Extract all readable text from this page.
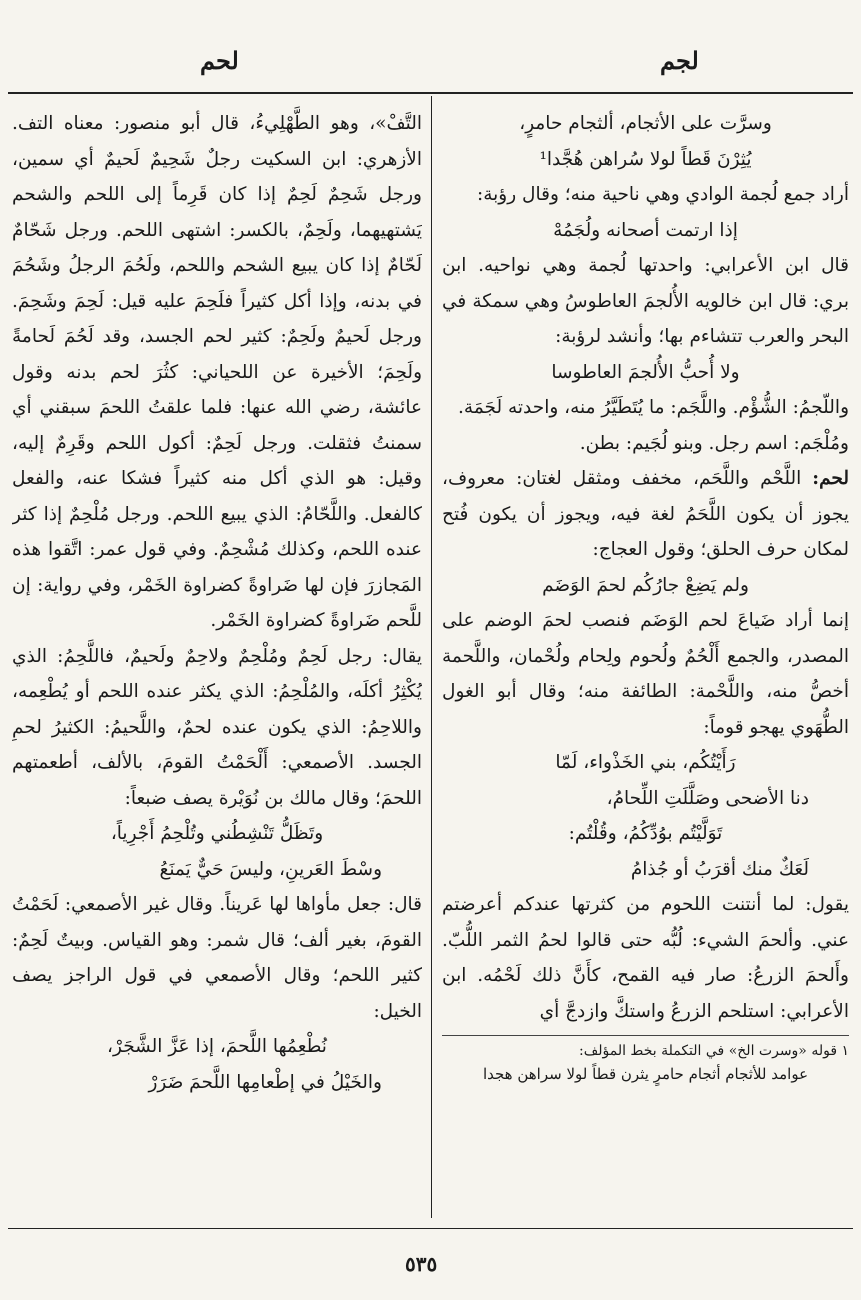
لجم
لحم

وسرَّت على الأثجام، ألثجام حامرٍ،

يُثِرْنَ قَطاً لولا سُراهن هُجَّدا¹

أراد جمع لُجمة الوادي وهي ناحية منه؛ وقال رؤبة:

إذا ارتمت أصحانه ولُجَمُهْ

قال ابن الأعرابي: واحدتها لُجمة وهي نواحيه. ابن بري: قال ابن خالويه الأُلجمَ العاطوسُ وهي سمكة في البحر والعرب تتشاءم بها؛ وأنشد لرؤبة:

ولا أُحبُّ الأُلجمَ العاطوسا

واللّجمُ: الشُّؤْم. واللَّجَم: ما يُتَطَيَّرُ منه، واحدته لَجَمَة.

ومُلْجَم: اسم رجل. وبنو لُجَيم: بطن.

لحم: اللَّحْم واللَّحَم، مخفف ومثقل لغتان: معروف، يجوز أن يكون اللَّحَمُ لغة فيه، ويجوز أن يكون فُتح لمكان حرف الحلق؛ وقول العجاج:

ولم يَضِعْ جارُكُم لحمَ الوَضَم

إنما أراد ضَياعَ لحم الوَضَم فنصب لحمَ الوضم على المصدر، والجمع أَلْحُمٌ ولُحوم ولِحام ولُحْمان، واللَّحمة أخصُّ منه، واللَّحْمة: الطائفة منه؛ وقال أبو الغول الطُّهَوي يهجو قوماً:

رَأَيْتُكُم، بني الخَذْواء، لَمّا

دنا الأضحى وصَلَّلَتِ اللِّحامُ،

تَوَلَّيْتُم بوُدِّكُمُ، وقُلْتُم:

لَعَكٌ منك أقرَبُ أو جُذامُ

يقول: لما أنتنت اللحوم من كثرتها عندكم أعرضتم عني. وألحمَ الشيء: لُبُّه حتى قالوا لحمُ الثمر اللُّبّ. وأَلحمَ الزرعُ: صار فيه القمح، كأَنَّ ذلك لَحْمُه. ابن الأعرابي: استلحم الزرعُ واستكَّ وازدجَّ أي

١ قوله «وسرت الخ» في التكملة بخط المؤلف:

عوامد للأثجام أثجام حامرٍ يثرن قطاً لولا سراهن هجدا

التَّفْ»، وهو الطَّهْلِيءُ، قال أبو منصور: معناه التف. الأزهري: ابن السكيت رجلٌ شَحِيمٌ لَحيمٌ أي سمين، ورجل شَحِمٌ لَحِمٌ إذا كان قَرِماً إلى اللحم والشحم يَشتهيهما، ولَحِمٌ، بالكسر: اشتهى اللحم. ورجل شَحّامٌ لَحّامٌ إذا كان يبيع الشحم واللحم، ولَحُمَ الرجلُ وشَحُمَ في بدنه، وإذا أكل كثيراً فلَحِمَ عليه قيل: لَحِمَ وشَحِمَ. ورجل لَحيمٌ ولَحِمٌ: كثير لحم الجسد، وقد لَحُمَ لَحامةً ولَحِمَ؛ الأخيرة عن اللحياني: كثُرَ لحم بدنه وقول عائشة، رضي الله عنها: فلما علقتُ اللحمَ سبقني أي سمنتُ فثقلت. ورجل لَحِمٌ: أكول اللحم وقَرِمٌ إليه، وقيل: هو الذي أكل منه كثيراً فشكا عنه، والفعل كالفعل. واللَّحّامُ: الذي يبيع اللحم. ورجل مُلْحِمٌ إذا كثر عنده اللحم، وكذلك مُشْحِمٌ. وفي قول عمر: اتَّقوا هذه المَجازرَ فإن لها ضَراوةً كضراوة الخَمْر، وفي رواية: إن للَّحم ضَراوةً كضراوة الخَمْر.

يقال: رجل لَحِمٌ ومُلْحِمٌ ولاحِمٌ ولَحيمٌ، فاللَّحِمُ: الذي يُكْثِرُ أكلَه، والمُلْحِمُ: الذي يكثر عنده اللحم أو يُطْعِمه، واللاحِمُ: الذي يكون عنده لحمٌ، واللَّحيمُ: الكثيرُ لحمِ الجسد. الأصمعي: أَلْحَمْتُ القومَ، بالألف، أطعمتهم اللحمَ؛ وقال مالك بن نُوَيْرة يصف ضبعاً:

وتَظَلُّ تَنْشِطُني وتُلْحِمُ أَجْرِياً،

وسْطَ العَرينِ، وليسَ حَيٌّ يَمنَعُ

قال: جعل مأواها لها عَريناً. وقال غير الأصمعي: لَحَمْتُ القومَ، بغير ألف؛ قال شمر: وهو القياس. وبيتٌ لَحِمٌ: كثير اللحم؛ وقال الأصمعي في قول الراجز يصف الخيل:

نُطْعِمُها اللَّحمَ، إذا عَزَّ الشَّجَرْ،

والخَيْلُ في إطْعامِها اللَّحمَ ضَرَرْ

٥٣٥
